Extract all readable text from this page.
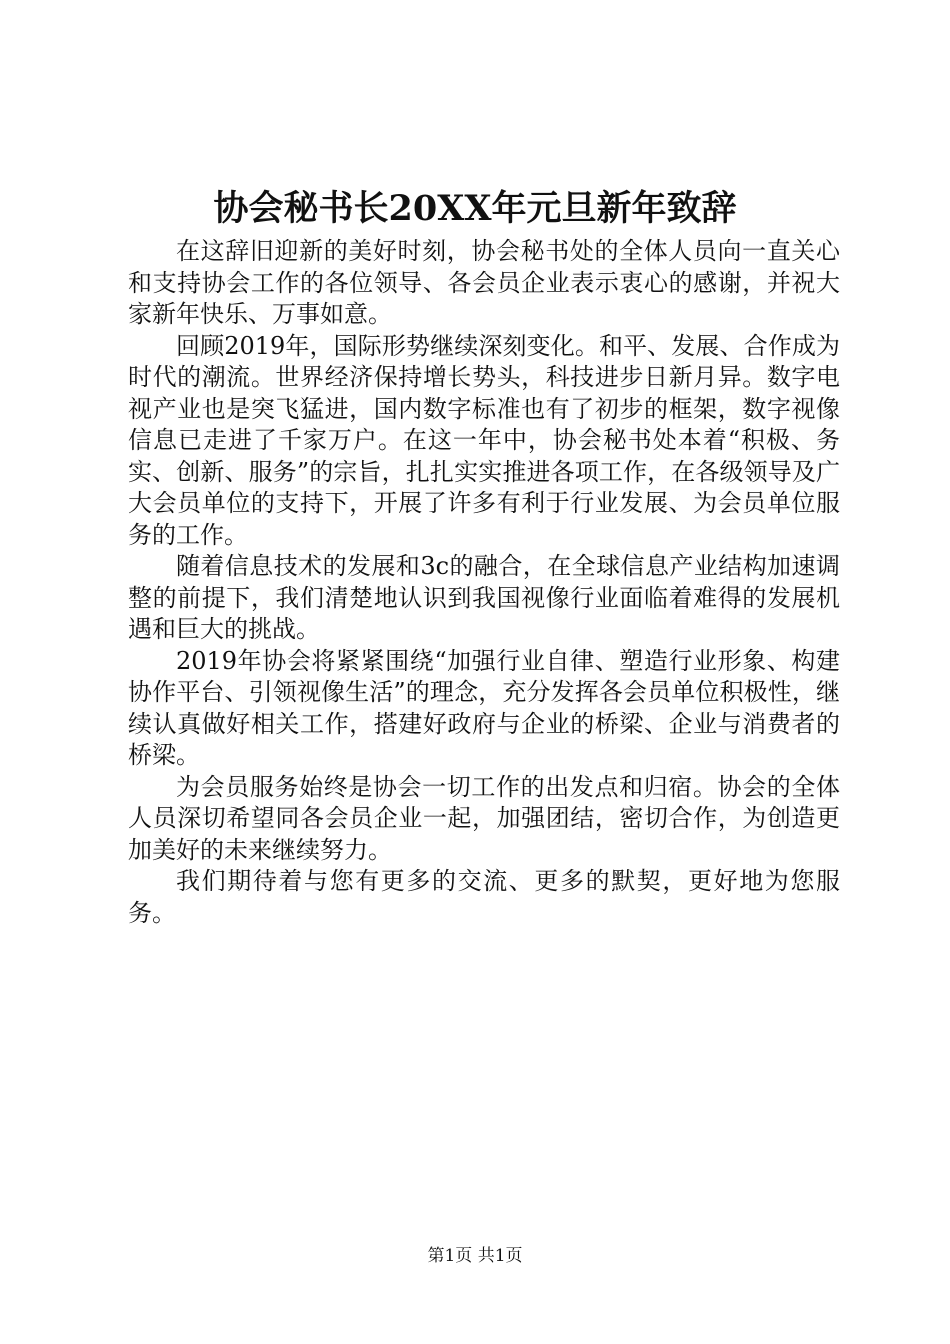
协会秘书长20XX年元旦新年致辞

在这辞旧迎新的美好时刻，协会秘书处的全体人员向一直关心和支持协会工作的各位领导、各会员企业表示衷心的感谢，并祝大家新年快乐、万事如意。

回顾2019年，国际形势继续深刻变化。和平、发展、合作成为时代的潮流。世界经济保持增长势头，科技进步日新月异。数字电视产业也是突飞猛进，国内数字标准也有了初步的框架，数字视像信息已走进了千家万户。在这一年中，协会秘书处本着“积极、务实、创新、服务”的宗旨，扎扎实实推进各项工作，在各级领导及广大会员单位的支持下，开展了许多有利于行业发展、为会员单位服务的工作。

随着信息技术的发展和3c的融合，在全球信息产业结构加速调整的前提下，我们清楚地认识到我国视像行业面临着难得的发展机遇和巨大的挑战。

2019年协会将紧紧围绕“加强行业自律、塑造行业形象、构建协作平台、引领视像生活”的理念，充分发挥各会员单位积极性，继续认真做好相关工作，搭建好政府与企业的桥梁、企业与消费者的桥梁。

为会员服务始终是协会一切工作的出发点和归宿。协会的全体人员深切希望同各会员企业一起，加强团结，密切合作，为创造更加美好的未来继续努力。

我们期待着与您有更多的交流、更多的默契，更好地为您服务。

第1页 共1页
